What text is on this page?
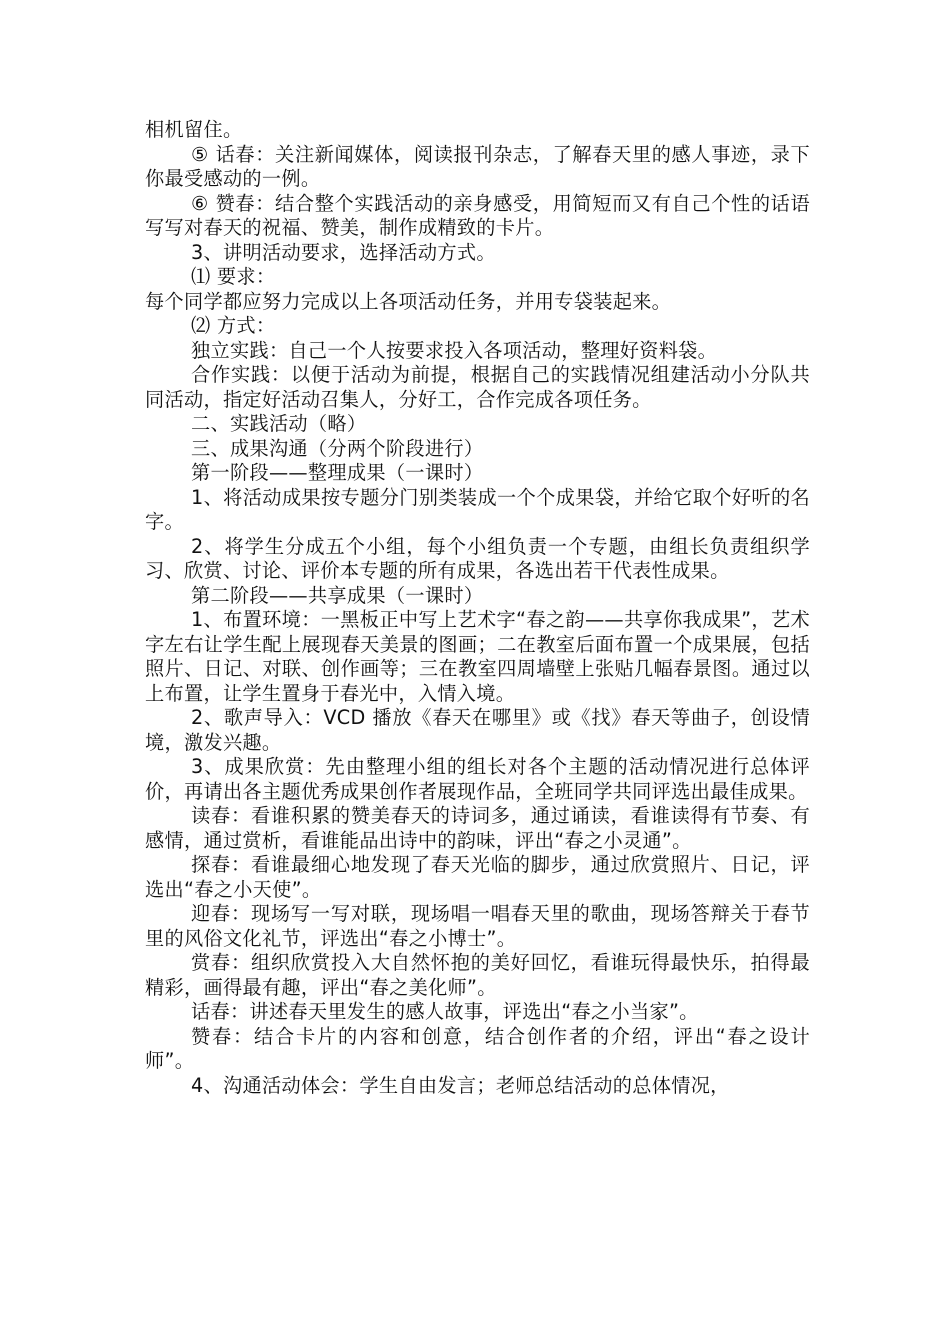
相机留住。

⑤ 话春：关注新闻媒体，阅读报刊杂志，了解春天里的感人事迹，录下你最受感动的一例。

⑥ 赞春：结合整个实践活动的亲身感受，用简短而又有自己个性的话语写写对春天的祝福、赞美，制作成精致的卡片。

3、讲明活动要求，选择活动方式。

⑴ 要求：

每个同学都应努力完成以上各项活动任务，并用专袋装起来。

⑵ 方式：

独立实践：自己一个人按要求投入各项活动，整理好资料袋。

合作实践：以便于活动为前提，根据自己的实践情况组建活动小分队共同活动，指定好活动召集人，分好工，合作完成各项任务。

二、实践活动（略）

三、成果沟通（分两个阶段进行）

第一阶段——整理成果（一课时）

1、将活动成果按专题分门别类装成一个个成果袋，并给它取个好听的名字。

2、将学生分成五个小组，每个小组负责一个专题，由组长负责组织学习、欣赏、讨论、评价本专题的所有成果，各选出若干代表性成果。

第二阶段——共享成果（一课时）

1、布置环境：一黑板正中写上艺术字“春之韵——共享你我成果”，艺术字左右让学生配上展现春天美景的图画；二在教室后面布置一个成果展，包括照片、日记、对联、创作画等；三在教室四周墙壁上张贴几幅春景图。通过以上布置，让学生置身于春光中，入情入境。

2、歌声导入：VCD 播放《春天在哪里》或《找》春天等曲子，创设情境，激发兴趣。

3、成果欣赏：先由整理小组的组长对各个主题的活动情况进行总体评价，再请出各主题优秀成果创作者展现作品，全班同学共同评选出最佳成果。

读春：看谁积累的赞美春天的诗词多，通过诵读，看谁读得有节奏、有感情，通过赏析，看谁能品出诗中的韵味，评出“春之小灵通”。

探春：看谁最细心地发现了春天光临的脚步，通过欣赏照片、日记，评选出“春之小天使”。

迎春：现场写一写对联，现场唱一唱春天里的歌曲，现场答辩关于春节里的风俗文化礼节，评选出“春之小博士”。

赏春：组织欣赏投入大自然怀抱的美好回忆，看谁玩得最快乐，拍得最精彩，画得最有趣，评出“春之美化师”。

话春：讲述春天里发生的感人故事，评选出“春之小当家”。

赞春：结合卡片的内容和创意，结合创作者的介绍，评出“春之设计师”。

4、沟通活动体会：学生自由发言；老师总结活动的总体情况，
